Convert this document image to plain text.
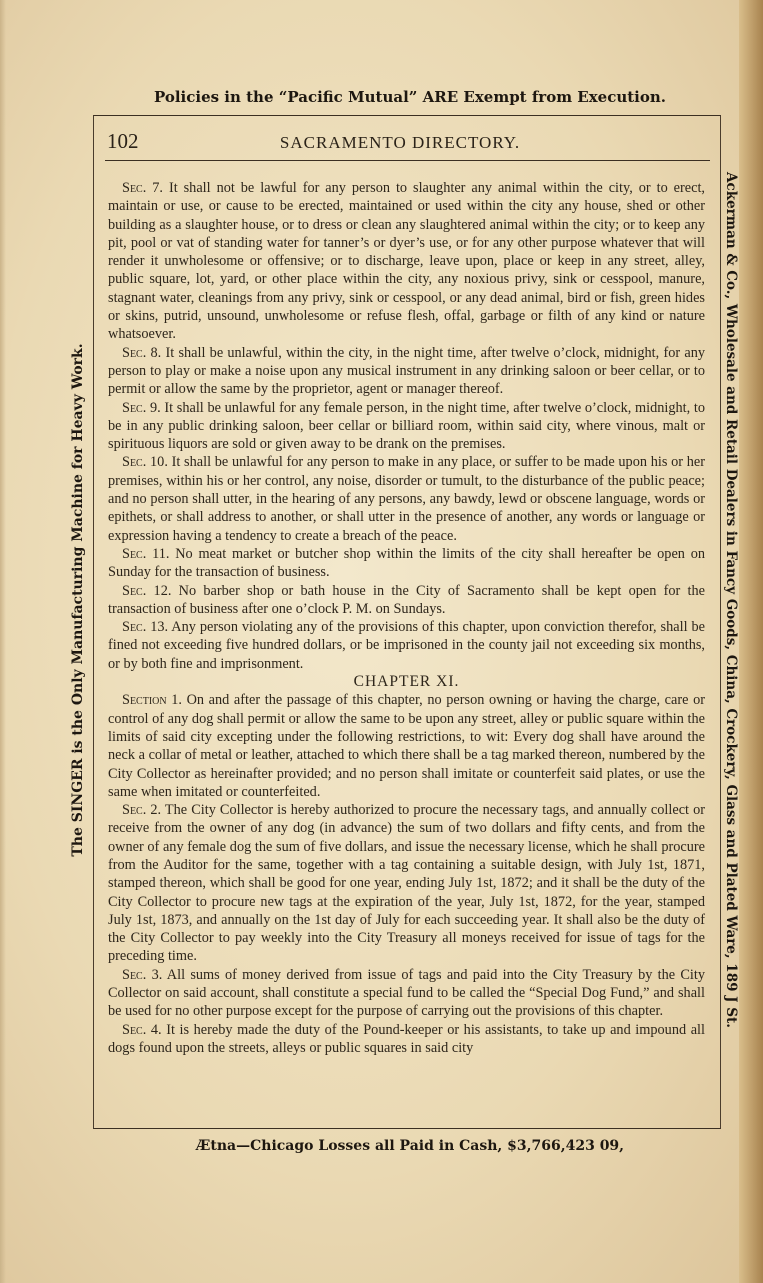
Policies in the “Pacific Mutual” ARE Exempt from Execution.
The SINGER is the Only Manufacturing Machine for Heavy Work.	Ackerman & Co., Wholesale and Retail Dealers in Fancy Goods, China, Crockery, Glass and Plated Ware, 189 J St.
102	SACRAMENTO DIRECTORY.

Sec. 7. It shall not be lawful for any person to slaughter any animal within the city, or to erect, maintain or use, or cause to be erected, maintained or used within the city any house, shed or other building as a slaughter house, or to dress or clean any slaughtered animal within the city; or to keep any pit, pool or vat of standing water for tanner’s or dyer’s use, or for any other purpose whatever that will render it unwholesome or offensive; or to discharge, leave upon, place or keep in any street, alley, public square, lot, yard, or other place within the city, any noxious privy, sink or cesspool, manure, stagnant water, cleanings from any privy, sink or cesspool, or any dead animal, bird or fish, green hides or skins, putrid, unsound, unwholesome or refuse flesh, offal, garbage or filth of any kind or nature whatsoever.

Sec. 8. It shall be unlawful, within the city, in the night time, after twelve o’clock, midnight, for any person to play or make a noise upon any musical instrument in any drinking saloon or beer cellar, or to permit or allow the same by the proprietor, agent or manager thereof.

Sec. 9. It shall be unlawful for any female person, in the night time, after twelve o’clock, midnight, to be in any public drinking saloon, beer cellar or billiard room, within said city, where vinous, malt or spirituous liquors are sold or given away to be drank on the premises.

Sec. 10. It shall be unlawful for any person to make in any place, or suffer to be made upon his or her premises, within his or her control, any noise, disorder or tumult, to the disturbance of the public peace; and no person shall utter, in the hearing of any persons, any bawdy, lewd or obscene language, words or epithets, or shall address to another, or shall utter in the presence of another, any words or language or expression having a tendency to create a breach of the peace.

Sec. 11. No meat market or butcher shop within the limits of the city shall hereafter be open on Sunday for the transaction of business.

Sec. 12. No barber shop or bath house in the City of Sacramento shall be kept open for the transaction of business after one o’clock P. M. on Sundays.

Sec. 13. Any person violating any of the provisions of this chapter, upon conviction therefor, shall be fined not exceeding five hundred dollars, or be imprisoned in the county jail not exceeding six months, or by both fine and imprisonment.

CHAPTER XI.

Section 1. On and after the passage of this chapter, no person owning or having the charge, care or control of any dog shall permit or allow the same to be upon any street, alley or public square within the limits of said city excepting under the following restrictions, to wit: Every dog shall have around the neck a collar of metal or leather, attached to which there shall be a tag marked thereon, numbered by the City Collector as hereinafter provided; and no person shall imitate or counterfeit said plates, or use the same when imitated or counterfeited.

Sec. 2. The City Collector is hereby authorized to procure the necessary tags, and annually collect or receive from the owner of any dog (in advance) the sum of two dollars and fifty cents, and from the owner of any female dog the sum of five dollars, and issue the necessary license, which he shall procure from the Auditor for the same, together with a tag containing a suitable design, with July 1st, 1871, stamped thereon, which shall be good for one year, ending July 1st, 1872; and it shall be the duty of the City Collector to procure new tags at the expiration of the year, July 1st, 1872, for the year, stamped July 1st, 1873, and annually on the 1st day of July for each succeeding year. It shall also be the duty of the City Collector to pay weekly into the City Treasury all moneys received for issue of tags for the preceding time.

Sec. 3. All sums of money derived from issue of tags and paid into the City Treasury by the City Collector on said account, shall constitute a special fund to be called the “Special Dog Fund,” and shall be used for no other purpose except for the purpose of carrying out the provisions of this chapter.

Sec. 4. It is hereby made the duty of the Pound-keeper or his assistants, to take up and impound all dogs found upon the streets, alleys or public squares in said city

Ætna—Chicago Losses all Paid in Cash, $3,766,423 09,
